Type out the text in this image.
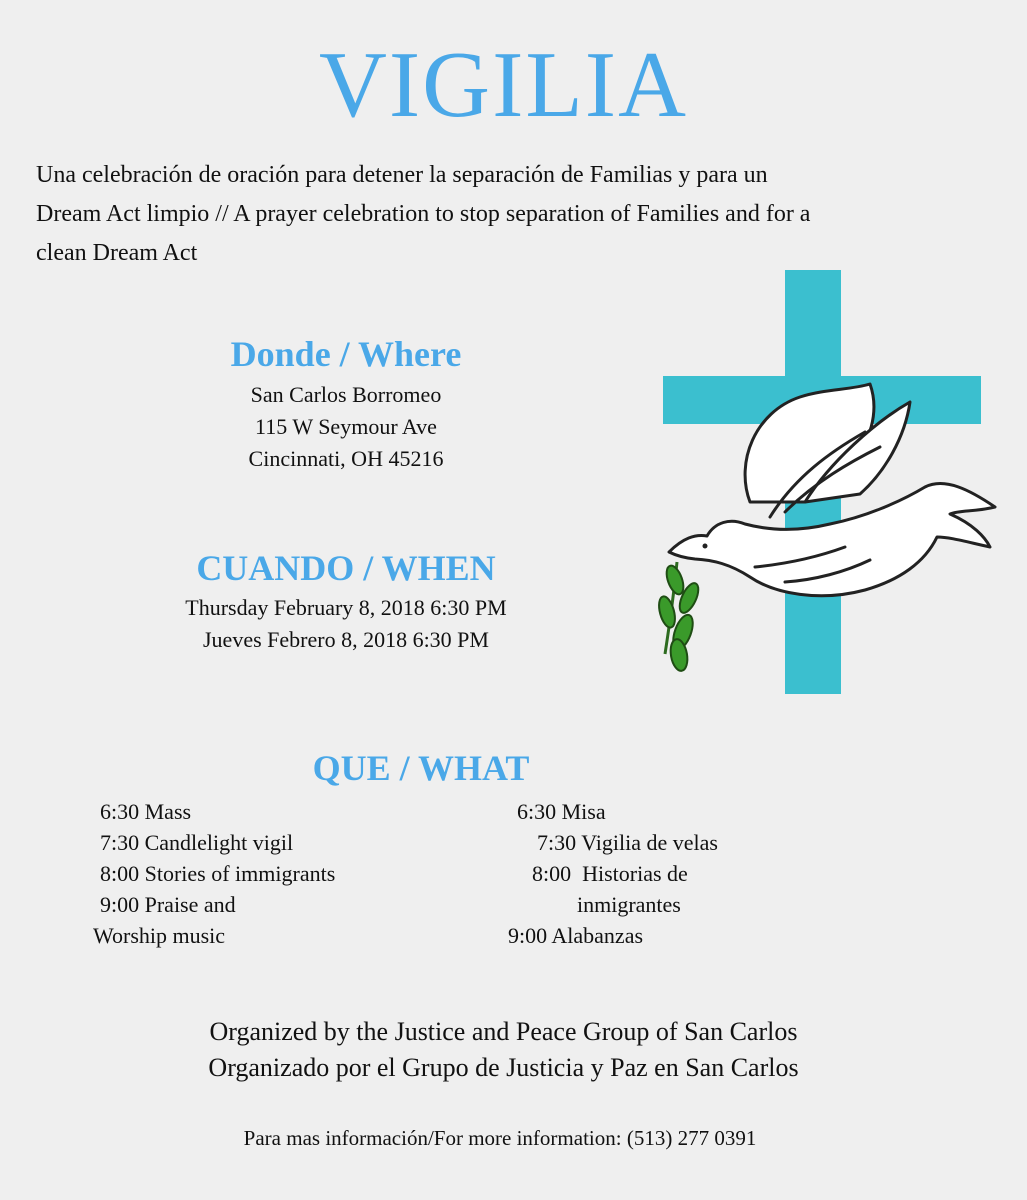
VIGILIA
Una celebración de oración para detener la separación de Familias y para un
Dream Act limpio // A prayer celebration to stop separation of Families and for a
clean Dream Act
Donde / Where
San Carlos Borromeo
115 W Seymour Ave
Cincinnati, OH 45216
CUANDO / WHEN
Thursday February 8, 2018 6:30 PM
Jueves Febrero 8, 2018 6:30 PM
QUE / WHAT
6:30 Mass
7:30 Candlelight vigil
8:00 Stories of immigrants
9:00 Praise and
Worship music
6:30 Misa
7:30 Vigilia de velas
8:00  Historias de
inmigrantes
9:00 Alabanzas
Organized by the Justice and Peace Group of San Carlos
Organizado por el Grupo de Justicia y Paz en San Carlos
Para mas información/For more information: (513) 277 0391
